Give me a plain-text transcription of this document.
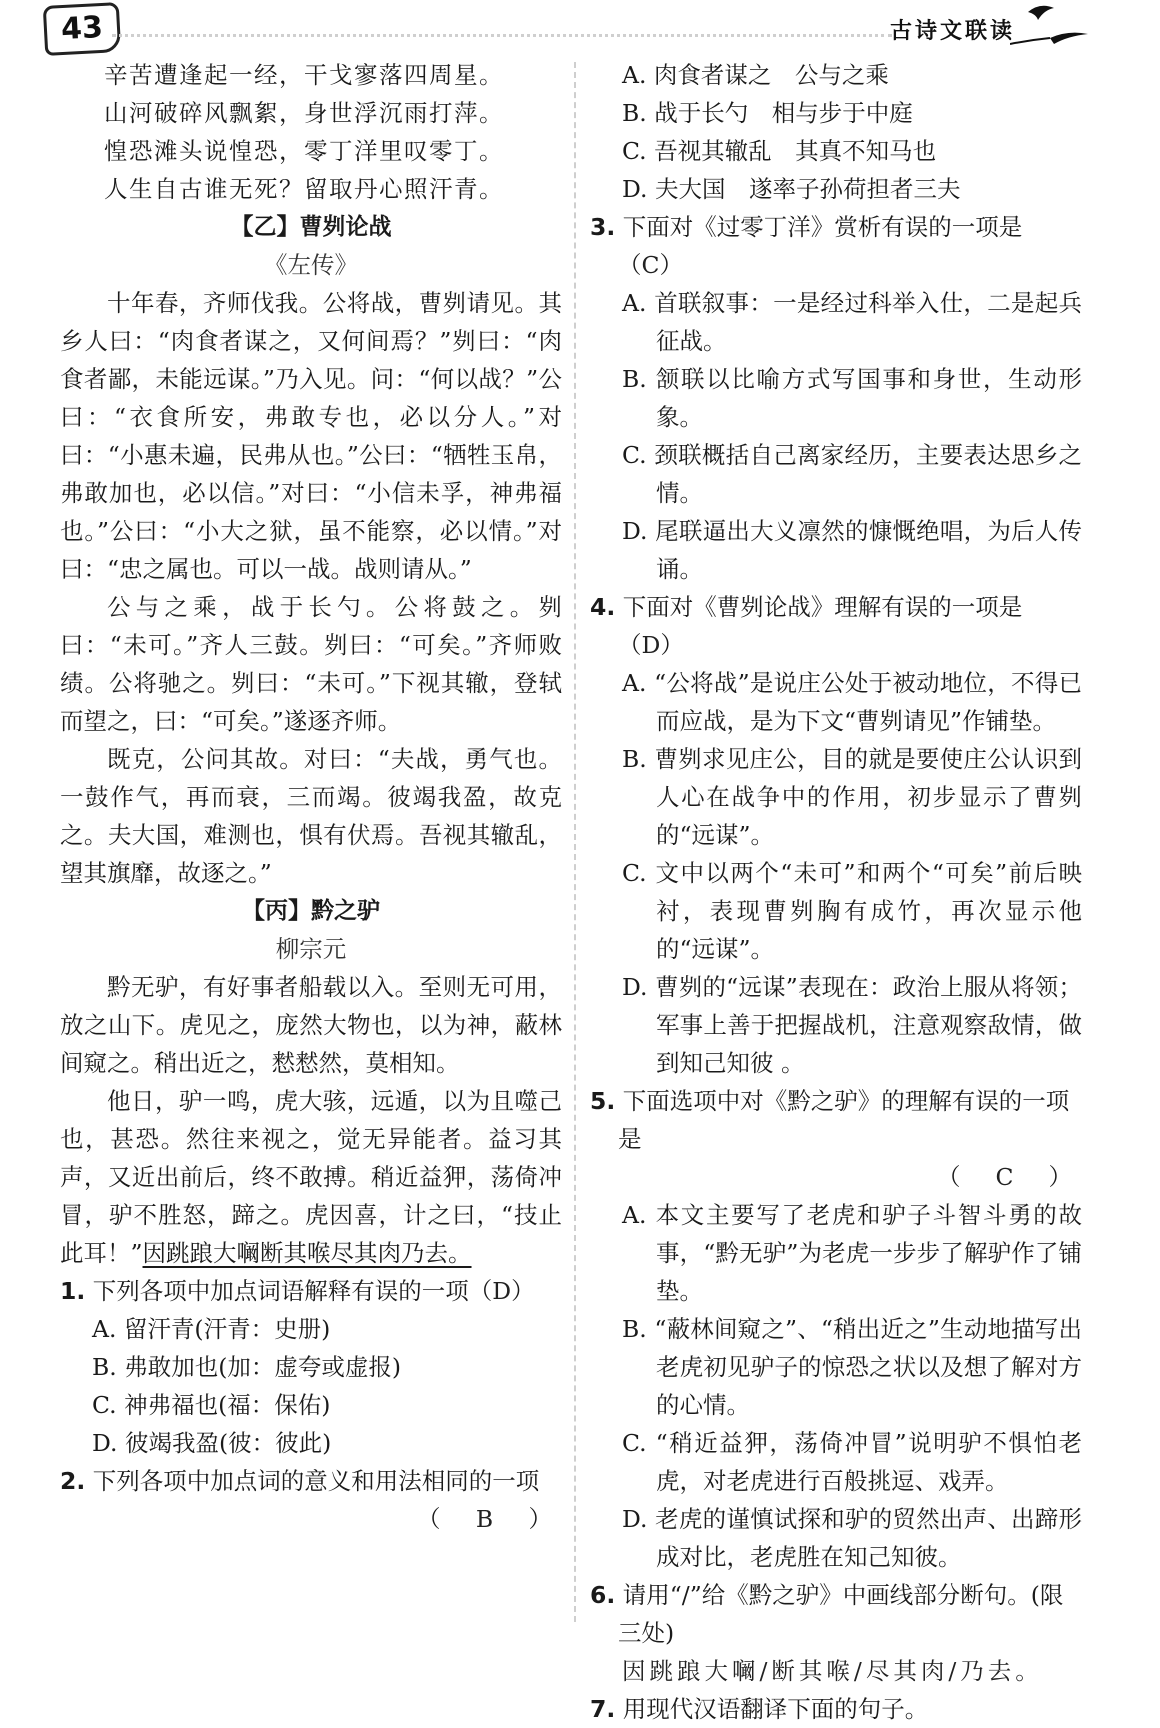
43	古诗文联读
辛苦遭逢起一经，干戈寥落四周星。
山河破碎风飘絮，身世浮沉雨打萍。
惶恐滩头说惶恐，零丁洋里叹零丁。
人生自古谁无死？留取丹心照汗青。
【乙】曹刿论战
《左传》
十年春，齐师伐我。公将战，曹刿请见。其乡人曰：“肉食者谋之，又何间焉？”刿曰：“肉食者鄙，未能远谋。”乃入见。问：“何以战？”公曰：“衣食所安，弗敢专也，必以分人。”对曰：“小惠未遍，民弗从也。”公曰：“牺牲玉帛，弗敢加也，必以信。”对曰：“小信未孚，神弗福也。”公曰：“小大之狱，虽不能察，必以情。”对曰：“忠之属也。可以一战。战则请从。”
公与之乘，战于长勺。公将鼓之。刿曰：“未可。”齐人三鼓。刿曰：“可矣。”齐师败绩。公将驰之。刿曰：“未可。”下视其辙，登轼而望之，曰：“可矣。”遂逐齐师。
既克，公问其故。对曰：“夫战，勇气也。一鼓作气，再而衰，三而竭。彼竭我盈，故克之。夫大国，难测也，惧有伏焉。吾视其辙乱，望其旗靡，故逐之。”
【丙】黔之驴
柳宗元
黔无驴，有好事者船载以入。至则无可用，放之山下。虎见之，庞然大物也，以为神，蔽林间窥之。稍出近之，慭慭然，莫相知。
他日，驴一鸣，虎大骇，远遁，以为且噬己也，甚恐。然往来视之，觉无异能者。益习其声，又近出前后，终不敢搏。稍近益狎，荡倚冲冒，驴不胜怒，蹄之。虎因喜，计之曰，“技止此耳！”因跳踉大㘎断其喉尽其肉乃去。
1. 下列各项中加点词语解释有误的一项（D）
A. 留汗青(汗青：史册)
B. 弗敢加也(加：虚夸或虚报)
C. 神弗福也(福：保佑)
D. 彼竭我盈(彼：彼此)
2. 下列各项中加点词的意义和用法相同的一项
（ B ）
A. 肉食者谋之　公与之乘
B. 战于长勺　相与步于中庭
C. 吾视其辙乱　其真不知马也
D. 夫大国　遂率子孙荷担者三夫
3. 下面对《过零丁洋》赏析有误的一项是（C）
A. 首联叙事：一是经过科举入仕，二是起兵征战。
B. 颔联以比喻方式写国事和身世，生动形象。
C. 颈联概括自己离家经历，主要表达思乡之情。
D. 尾联逼出大义凛然的慷慨绝唱，为后人传诵。
4. 下面对《曹刿论战》理解有误的一项是（D）
A. “公将战”是说庄公处于被动地位，不得已而应战，是为下文“曹刿请见”作铺垫。
B. 曹刿求见庄公，目的就是要使庄公认识到人心在战争中的作用，初步显示了曹刿的“远谋”。
C. 文中以两个“未可”和两个“可矣”前后映衬，表现曹刿胸有成竹，再次显示他的“远谋”。
D. 曹刿的“远谋”表现在：政治上服从将领；军事上善于把握战机，注意观察敌情，做到知己知彼 。
5. 下面选项中对《黔之驴》的理解有误的一项是
（ C ）
A. 本文主要写了老虎和驴子斗智斗勇的故事，“黔无驴”为老虎一步步了解驴作了铺垫。
B. “蔽林间窥之”、“稍出近之”生动地描写出老虎初见驴子的惊恐之状以及想了解对方的心情。
C. “稍近益狎，荡倚冲冒”说明驴不惧怕老虎，对老虎进行百般挑逗、戏弄。
D. 老虎的谨慎试探和驴的贸然出声、出蹄形成对比，老虎胜在知己知彼。
6. 请用“/”给《黔之驴》中画线部分断句。(限三处)
因跳踉大㘎/断其喉/尽其肉/乃去。
7. 用现代汉语翻译下面的句子。
